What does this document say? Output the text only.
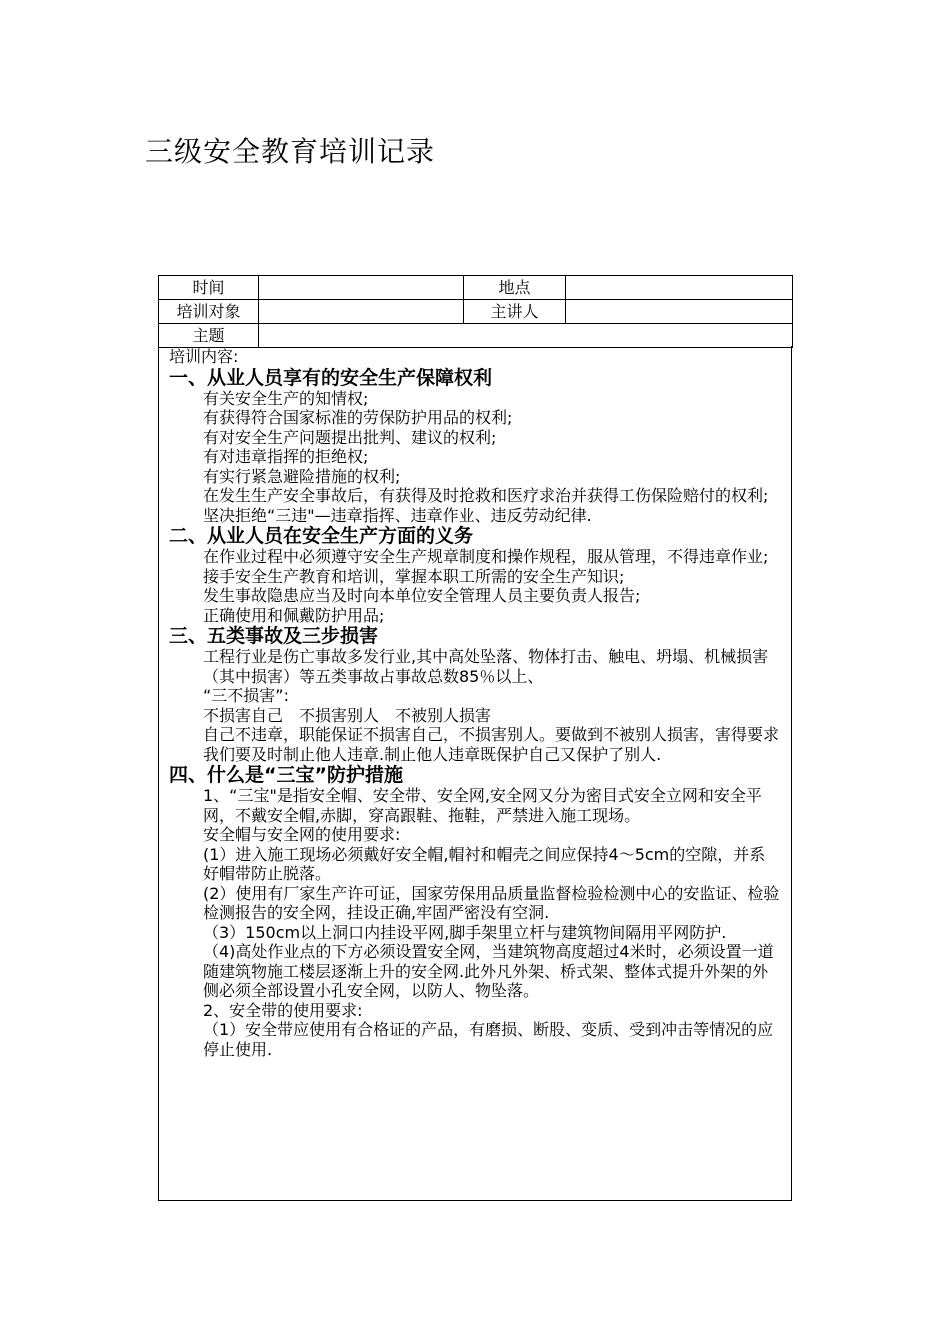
三级安全教育培训记录
时间		地点	
培训对象		主讲人	
主题			

培训内容:

一、从业人员享有的安全生产保障权利

有关安全生产的知情权;

有获得符合国家标准的劳保防护用品的权利;

有对安全生产问题提出批判、建议的权利;

有对违章指挥的拒绝权;

有实行紧急避险措施的权利;

在发生生产安全事故后，有获得及时抢救和医疗求治并获得工伤保险赔付的权利;

坚决拒绝“三违"—违章指挥、违章作业、违反劳动纪律.

二、从业人员在安全生产方面的义务

在作业过程中必须遵守安全生产规章制度和操作规程，服从管理，不得违章作业;

接手安全生产教育和培训，掌握本职工所需的安全生产知识;

发生事故隐患应当及时向本单位安全管理人员主要负责人报告;

正确使用和佩戴防护用品;

三、五类事故及三步损害

工程行业是伤亡事故多发行业,其中高处坠落、物体打击、触电、坍塌、机械损害（其中损害）等五类事故占事故总数85％以上、

“三不损害”:

不损害自己 不损害别人 不被别人损害

自己不违章，职能保证不损害自己，不损害别人。要做到不被别人损害，害得要求我们要及时制止他人违章.制止他人违章既保护自己又保护了别人.

四、什么是“三宝”防护措施

1、“三宝"是指安全帽、安全带、安全网,安全网又分为密目式安全立网和安全平网，不戴安全帽,赤脚，穿高跟鞋、拖鞋，严禁进入施工现场。

安全帽与安全网的使用要求:

(1）进入施工现场必须戴好安全帽,帽衬和帽壳之间应保持4～5cm的空隙，并系好帽带防止脱落。

(2）使用有厂家生产许可证，国家劳保用品质量监督检验检测中心的安监证、检验检测报告的安全网，挂设正确,牢固严密没有空洞.

（3）150cm以上洞口内挂设平网,脚手架里立杆与建筑物间隔用平网防护.

（4)高处作业点的下方必须设置安全网，当建筑物高度超过4米时，必须设置一道随建筑物施工楼层逐渐上升的安全网.此外凡外架、桥式架、整体式提升外架的外侧必须全部设置小孔安全网，以防人、物坠落。

2、安全带的使用要求:

（1）安全带应使用有合格证的产品，有磨损、断股、变质、受到冲击等情况的应停止使用.
